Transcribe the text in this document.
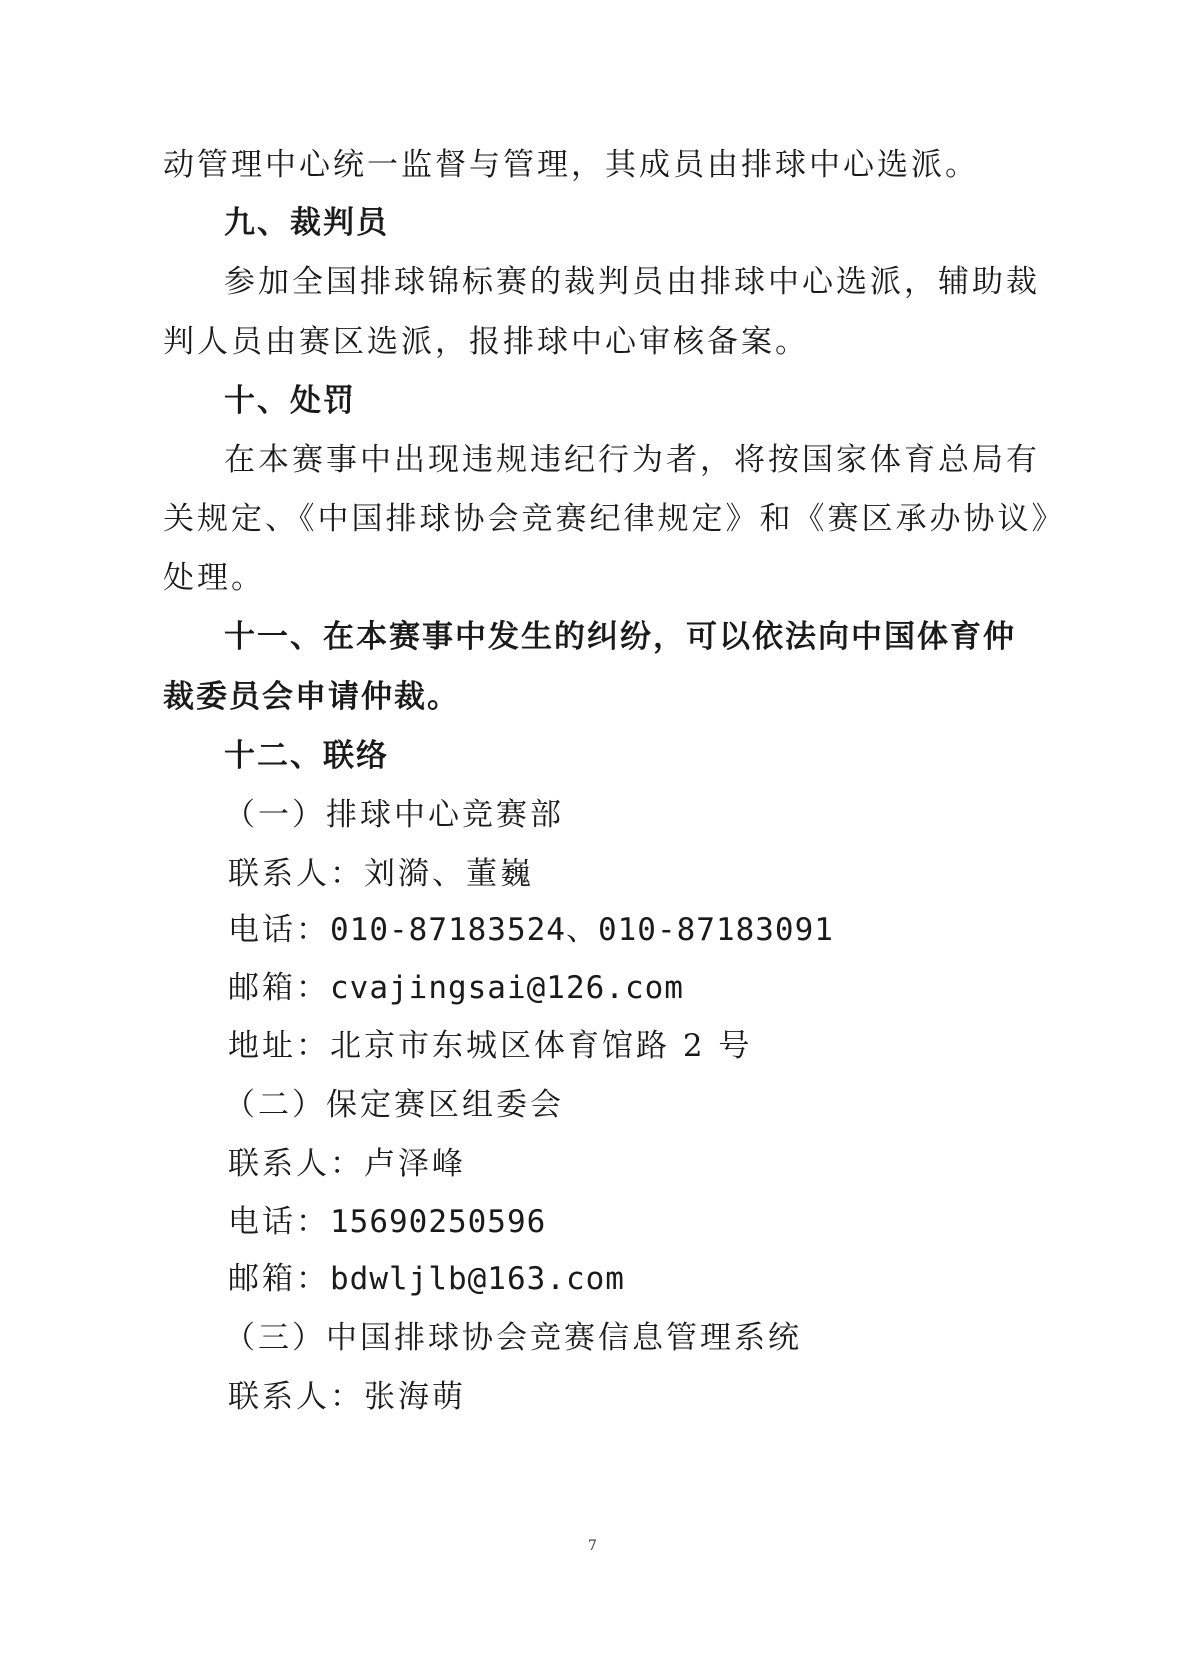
动管理中心统一监督与管理，其成员由排球中心选派。
九、裁判员
参加全国排球锦标赛的裁判员由排球中心选派，辅助裁
判人员由赛区选派，报排球中心审核备案。
十、处罚
在本赛事中出现违规违纪行为者，将按国家体育总局有
关规定、《中国排球协会竞赛纪律规定》和《赛区承办协议》
处理。
十一、在本赛事中发生的纠纷，可以依法向中国体育仲
裁委员会申请仲裁。
十二、联络
（一）排球中心竞赛部
联系人：刘漪、董巍
电话：010-87183524、010-87183091
邮箱：cvajingsai@126.com
地址：北京市东城区体育馆路 2 号
（二）保定赛区组委会
联系人：卢泽峰
电话：15690250596
邮箱：bdwljlb@163.com
（三）中国排球协会竞赛信息管理系统
联系人：张海萌
7
